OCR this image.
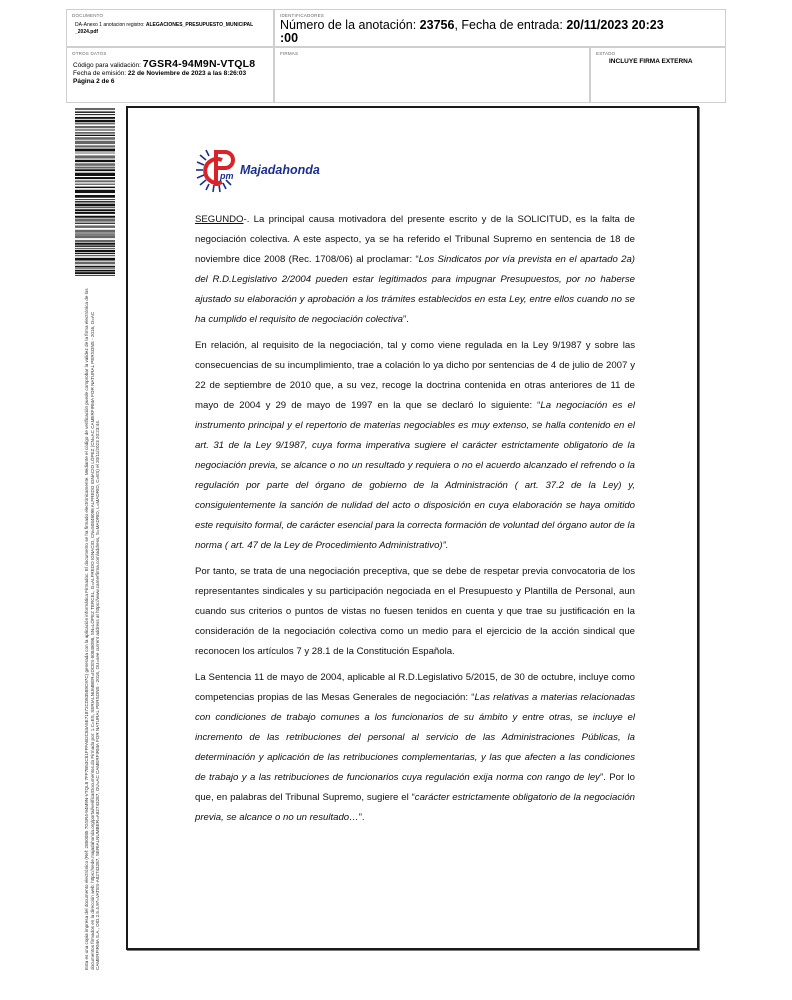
DOCUMENTO
DA-Anexo 1 anotacion registro: ALEGACIONES_PRESUPUESTO_MUNICIPAL
_2024.pdf
IDENTIFICADORES
Número de la anotación: 23756, Fecha de entrada: 20/11/2023 20:23
:00
OTROS DATOS
Código para validación: 7GSR4-94M9N-VTQL8
Fecha de emisión: 22 de Noviembre de 2023 a las 8:26:03
Página 2 de 6
FIRMAS	ESTADO
INCLUYE FIRMA EXTERNA
Esta es una copia impresa del documento electrónico (Ref: 2850085 7GSR4-94M9N-VTQL8 7FF7B53C81FFFAB2C84A5E71872CD83589C97C) generada con la aplicación informática Firmadoc. El documento se ha firmado electrónicamente. Mediante el código de verificación puede comprobar la validez de la firma electrónica de los documentos firmados en la dirección web: https://sede.majadahonda.org/portal/verificarDocumentos.do Firmado por: 1.C=ES, SERIALNUMBER=IDCES-50848098, SN=LÓPEZ TERCEL, G=ALFREDO IGNACIO, CN=50848098 ALFREDO IGNACIO LÓPEZ (CN=AC CAMERFIRMA FOR NATURAL PERSONS - 2016, O=AC CAMERFIRMA S.A., OID.2.5.4.97=VATES-A82743287, SERIALNUMBER=A82743287, OU=AC CAMERFIRMA FOR NATURAL PERSONS - 2016, OU=see current address at https://www.camerfirma.com/address, S=MADRID, L=MADRID, C=ES) el 20/11/2023 20:23:44.
pm Majadahonda

SEGUNDO-. La principal causa motivadora del presente escrito y de la SOLICITUD, es la falta de negociación colectiva. A este aspecto, ya se ha referido el Tribunal Supremo en sentencia de 18 de noviembre dice 2008 (Rec. 1708/06) al proclamar: “Los Sindicatos por vía prevista en el apartado 2a) del R.D.Legislativo 2/2004 pueden estar legitimados para impugnar Presupuestos, por no haberse ajustado su elaboración y aprobación a los trámites establecidos en esta Ley, entre ellos cuando no se ha cumplido el requisito de negociación colectiva”.

En relación, al requisito de la negociación, tal y como viene regulada en la Ley 9/1987 y sobre las consecuencias de su incumplimiento, trae a colación lo ya dicho por sentencias de 4 de julio de 2007 y 22 de septiembre de 2010 que, a su vez, recoge la doctrina contenida en otras anteriores de 11 de mayo de 2004 y 29 de mayo de 1997 en la que se declaró lo siguiente: “La negociación es el instrumento principal y el repertorio de materias negociables es muy extenso, se halla contenido en el art. 31 de la Ley 9/1987, cuya forma imperativa sugiere el carácter estrictamente obligatorio de la negociación previa, se alcance o no un resultado y requiera o no el acuerdo alcanzado el refrendo o la regulación por parte del órgano de gobierno de la Administración ( art. 37.2 de la Ley) y, consiguientemente la sanción de nulidad del acto o disposición en cuya elaboración se haya omitido este requisito formal, de carácter esencial para la correcta formación de voluntad del órgano autor de la norma ( art. 47 de la Ley de Procedimiento Administrativo)”.

Por tanto, se trata de una negociación preceptiva, que se debe de respetar previa convocatoria de los representantes sindicales y su participación negociada en el Presupuesto y Plantilla de Personal, aun cuando sus criterios o puntos de vistas no fuesen tenidos en cuenta y que trae su justificación en la consideración de la negociación colectiva como un medio para el ejercicio de la acción sindical que reconocen los artículos 7 y 28.1 de la Constitución Española.

La Sentencia 11 de mayo de 2004, aplicable al R.D.Legislativo 5/2015, de 30 de octubre, incluye como competencias propias de las Mesas Generales de negociación: “Las relativas a materias relacionadas con condiciones de trabajo comunes a los funcionarios de su ámbito y entre otras, se incluye el incremento de las retribuciones del personal al servicio de las Administraciones Públicas, la determinación y aplicación de las retribuciones complementarias, y las que afecten a las condiciones de trabajo y a las retribuciones de funcionarios cuya regulación exija norma con rango de ley”. Por lo que, en palabras del Tribunal Supremo, sugiere el “carácter estrictamente obligatorio de la negociación previa, se alcance o no un resultado…”.
